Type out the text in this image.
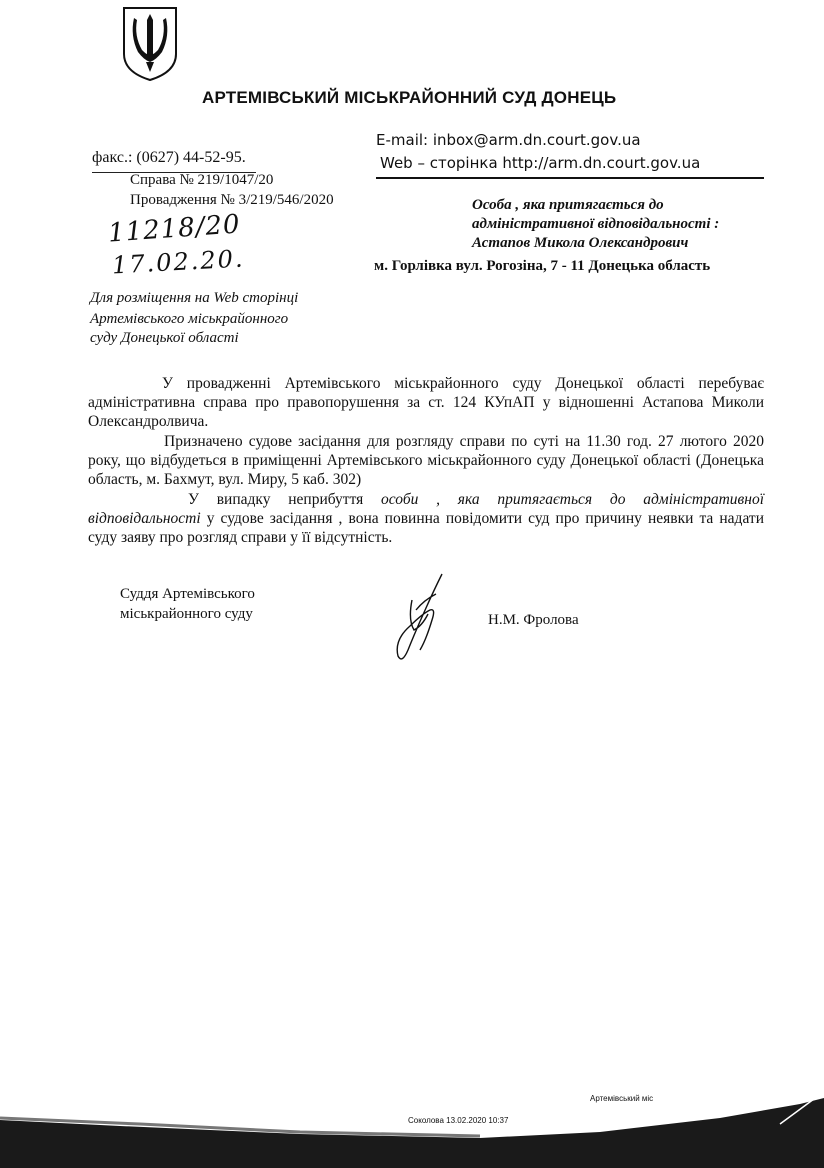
АРТЕМІВСЬКИЙ МІСЬКРАЙОННИЙ СУД ДОНЕЦЬ
E-mail: inbox@arm.dn.court.gov.ua
Web – сторінка http://arm.dn.court.gov.ua
факс.: (0627) 44-52-95.
Справа № 219/1047/20
Провадження № 3/219/546/2020
11218/20
17.02.20.
Особа , яка притягається до
адміністративної відповідальності :
Астапов Микола Олександрович
м. Горлівка вул. Рогозіна, 7 - 11 Донецька область
Для розміщення на Web сторінці
Артемівського міськрайонного
суду Донецької області
У провадженні Артемівського міськрайонного суду Донецької області перебуває адміністративна справа про правопорушення за ст. 124 КУпАП у відношенні Астапова Миколи Олександролвича.
Призначено судове засідання для розгляду справи по суті на 11.30 год. 27 лютого 2020 року, що відбудеться в приміщенні Артемівського міськрайонного суду Донецької області (Донецька область, м. Бахмут, вул. Миру, 5 каб. 302)
У випадку неприбуття особи , яка притягається до адміністративної відповідальності у судове засідання , вона повинна повідомити суд про причину неявки та надати суду заяву про розгляд справи у її відсутність.
Суддя Артемівського
міськрайонного суду	Н.М. Фролова
Артемівський міс
Соколова 13.02.2020 10:37
